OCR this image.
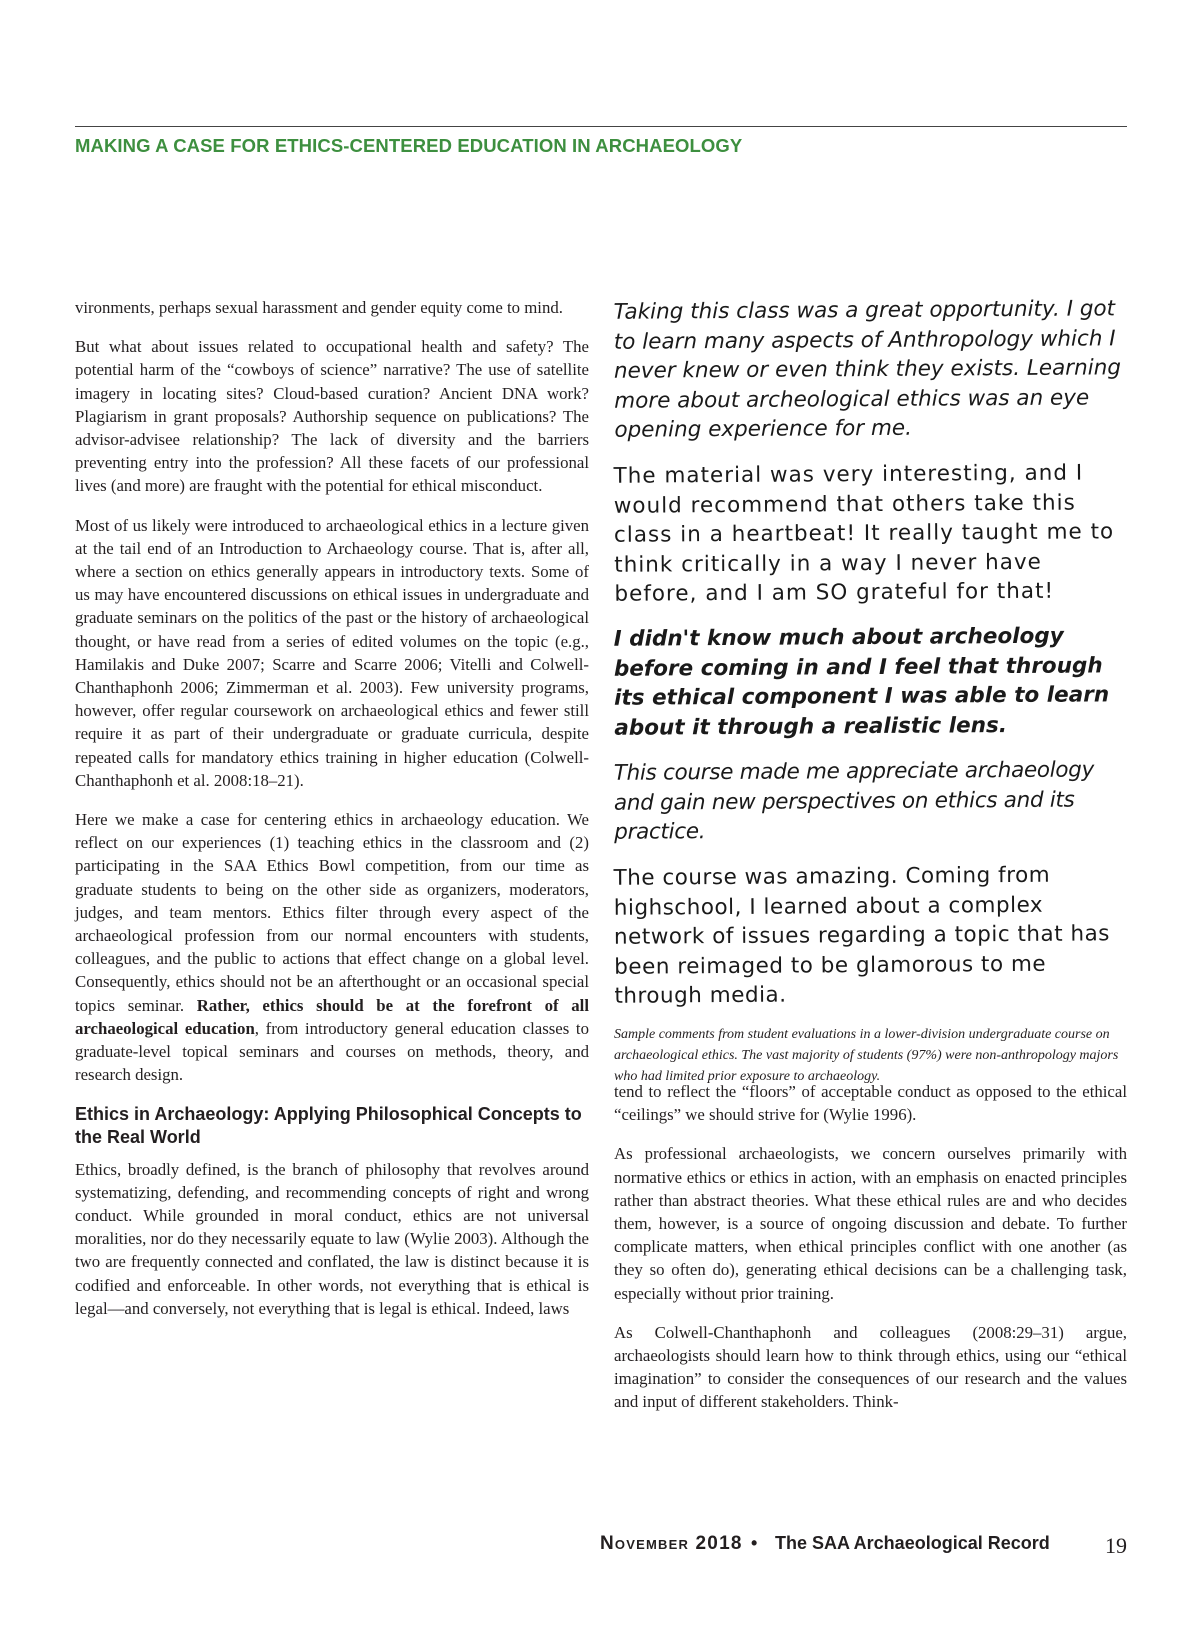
MAKING A CASE FOR ETHICS-CENTERED EDUCATION IN ARCHAEOLOGY

vironments, perhaps sexual harassment and gender equity come to mind.

But what about issues related to occupational health and safety? The potential harm of the “cowboys of science” narrative? The use of satellite imagery in locating sites? Cloud-based curation? Ancient DNA work? Plagiarism in grant proposals? Authorship sequence on publications? The advisor-advisee relationship? The lack of diversity and the barriers preventing entry into the profession? All these facets of our professional lives (and more) are fraught with the potential for ethical misconduct.

Most of us likely were introduced to archaeological ethics in a lecture given at the tail end of an Introduction to Archaeology course. That is, after all, where a section on ethics generally appears in introductory texts. Some of us may have encountered discussions on ethical issues in undergraduate and graduate seminars on the politics of the past or the history of archaeological thought, or have read from a series of edited volumes on the topic (e.g., Hamilakis and Duke 2007; Scarre and Scarre 2006; Vitelli and Colwell-Chanthaphonh 2006; Zimmerman et al. 2003). Few university programs, however, offer regular coursework on archaeological ethics and fewer still require it as part of their undergraduate or graduate curricula, despite repeated calls for mandatory ethics training in higher education (Colwell-Chanthaphonh et al. 2008:18–21).

Here we make a case for centering ethics in archaeology education. We reflect on our experiences (1) teaching ethics in the classroom and (2) participating in the SAA Ethics Bowl competition, from our time as graduate students to being on the other side as organizers, moderators, judges, and team mentors. Ethics filter through every aspect of the archaeological profession from our normal encounters with students, colleagues, and the public to actions that effect change on a global level. Consequently, ethics should not be an afterthought or an occasional special topics seminar. Rather, ethics should be at the forefront of all archaeological education, from introductory general education classes to graduate-level topical seminars and courses on methods, theory, and research design.

Ethics in Archaeology: Applying Philosophical Concepts to the Real World

Ethics, broadly defined, is the branch of philosophy that revolves around systematizing, defending, and recommending concepts of right and wrong conduct. While grounded in moral conduct, ethics are not universal moralities, nor do they necessarily equate to law (Wylie 2003). Although the two are frequently connected and conflated, the law is distinct because it is codified and enforceable. In other words, not everything that is ethical is legal—and conversely, not everything that is legal is ethical. Indeed, laws

Taking this class was a great opportunity. I got to learn many aspects of Anthropology which I never knew or even think they exists. Learning more about archeological ethics was an eye opening experience for me.
The material was very interesting, and I would recommend that others take this class in a heartbeat! It really taught me to think critically in a way I never have before, and I am SO grateful for that!
I didn't know much about archeology before coming in and I feel that through its ethical component I was able to learn about it through a realistic lens.
This course made me appreciate archaeology and gain new perspectives on ethics and its practice.
The course was amazing. Coming from highschool, I learned about a complex network of issues regarding a topic that has been reimaged to be glamorous to me through media.
Sample comments from student evaluations in a lower-division undergraduate course on archaeological ethics. The vast majority of students (97%) were non-anthropology majors who had limited prior exposure to archaeology.

tend to reflect the “floors” of acceptable conduct as opposed to the ethical “ceilings” we should strive for (Wylie 1996).

As professional archaeologists, we concern ourselves primarily with normative ethics or ethics in action, with an emphasis on enacted principles rather than abstract theories. What these ethical rules are and who decides them, however, is a source of ongoing discussion and debate. To further complicate matters, when ethical principles conflict with one another (as they so often do), generating ethical decisions can be a challenging task, especially without prior training.

As Colwell-Chanthaphonh and colleagues (2008:29–31) argue, archaeologists should learn how to think through ethics, using our “ethical imagination” to consider the consequences of our research and the values and input of different stakeholders. Think-

November 2018 • The SAA Archaeological Record	19
